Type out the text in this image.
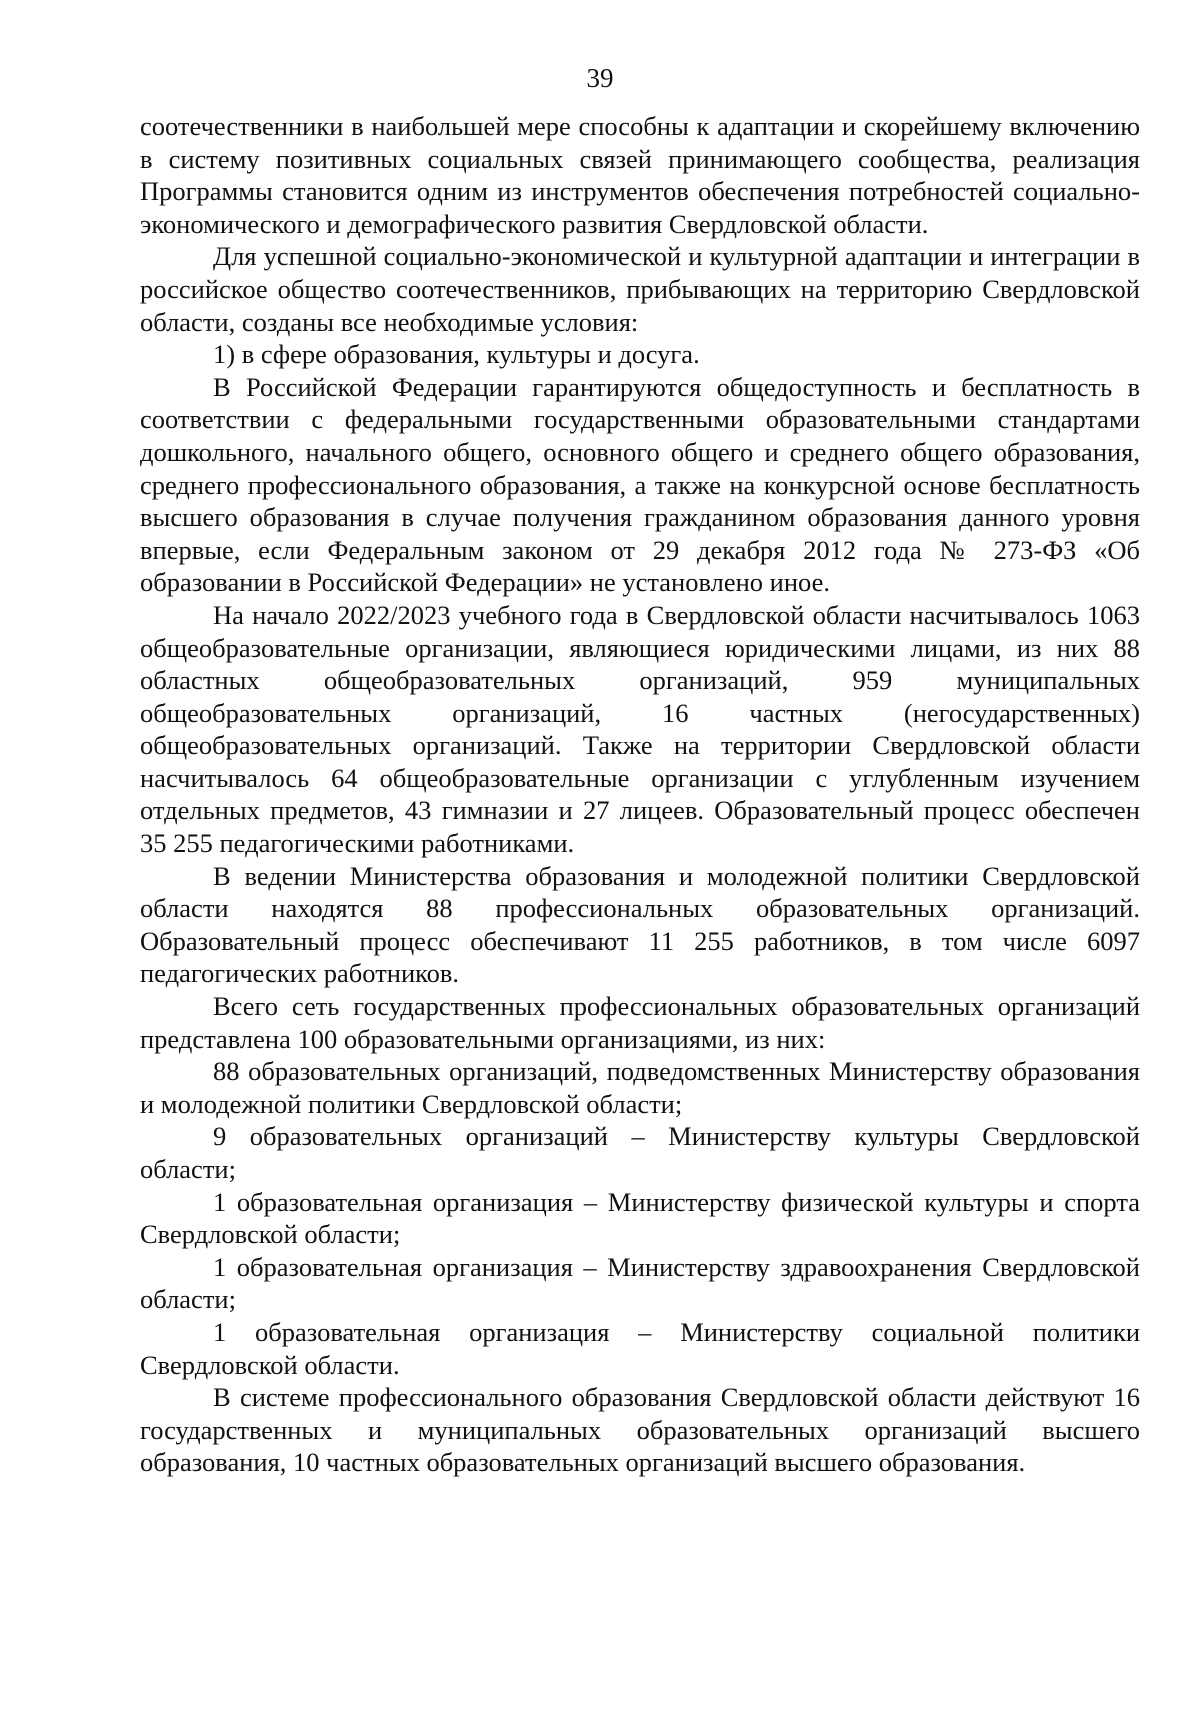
39

соотечественники в наибольшей мере способны к адаптации и скорейшему включению в систему позитивных социальных связей принимающего сообщества, реализация Программы становится одним из инструментов обеспечения потребностей социально-экономического и демографического развития Свердловской области.

Для успешной социально-экономической и культурной адаптации и интеграции в российское общество соотечественников, прибывающих на территорию Свердловской области, созданы все необходимые условия:

1) в сфере образования, культуры и досуга.

В Российской Федерации гарантируются общедоступность и бесплатность в соответствии с федеральными государственными образовательными стандартами дошкольного, начального общего, основного общего и среднего общего образования, среднего профессионального образования, а также на конкурсной основе бесплатность высшего образования в случае получения гражданином образования данного уровня впервые, если Федеральным законом от 29 декабря 2012 года № 273-ФЗ «Об образовании в Российской Федерации» не установлено иное.

На начало 2022/2023 учебного года в Свердловской области насчитывалось 1063 общеобразовательные организации, являющиеся юридическими лицами, из них 88 областных общеобразовательных организаций, 959 муниципальных общеобразовательных организаций, 16 частных (негосударственных) общеобразовательных организаций. Также на территории Свердловской области насчитывалось 64 общеобразовательные организации с углубленным изучением отдельных предметов, 43 гимназии и 27 лицеев. Образовательный процесс обеспечен 35 255 педагогическими работниками.

В ведении Министерства образования и молодежной политики Свердловской области находятся 88 профессиональных образовательных организаций. Образовательный процесс обеспечивают 11 255 работников, в том числе 6097 педагогических работников.

Всего сеть государственных профессиональных образовательных организаций представлена 100 образовательными организациями, из них:

88 образовательных организаций, подведомственных Министерству образования и молодежной политики Свердловской области;

9 образовательных организаций – Министерству культуры Свердловской области;

1 образовательная организация – Министерству физической культуры и спорта Свердловской области;

1 образовательная организация – Министерству здравоохранения Свердловской области;

1 образовательная организация – Министерству социальной политики Свердловской области.

В системе профессионального образования Свердловской области действуют 16 государственных и муниципальных образовательных организаций высшего образования, 10 частных образовательных организаций высшего образования.
